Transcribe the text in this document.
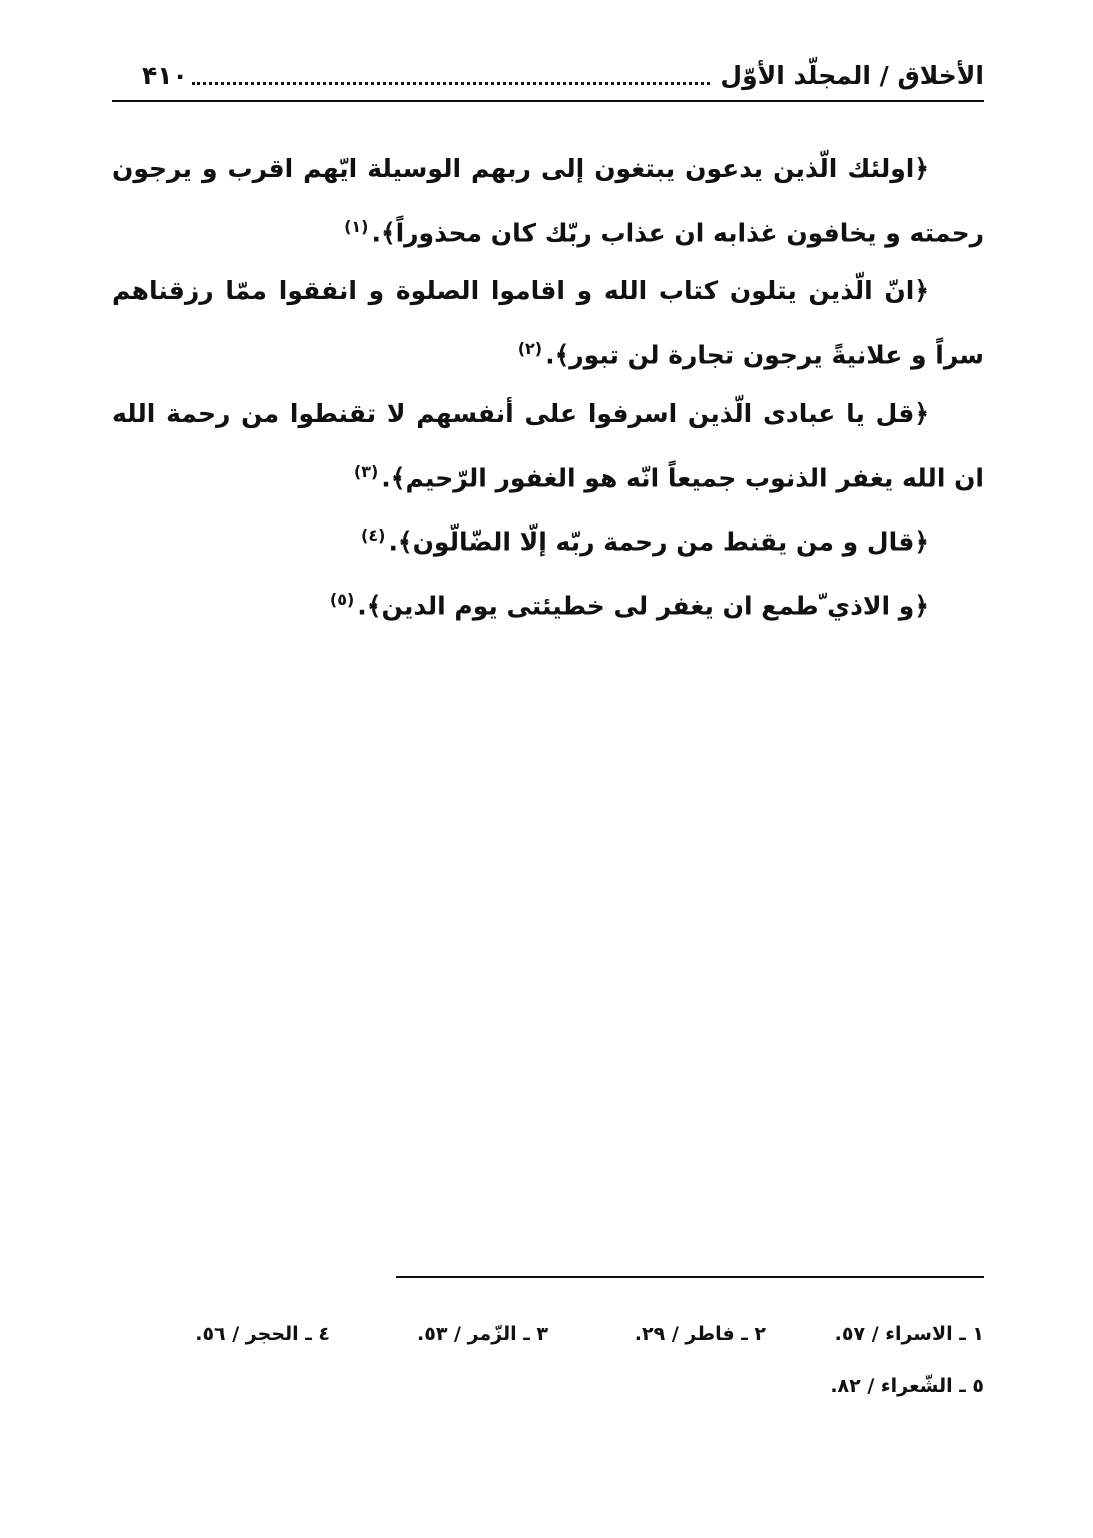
۴۱۰	الأخلاق / المجلّد الأوّل

﴿اولئك الّذين يدعون يبتغون إلى ربهم الوسيلة ايّهم اقرب و يرجون رحمته و يخافون غذابه ان عذاب ربّك كان محذوراً﴾.$^{(١)}$

﴿انّ الّذين يتلون كتاب الله و اقاموا الصلوة و انفقوا ممّا رزقناهم سراً و علانيةً يرجون تجارة لن تبور﴾.$^{(٢)}$

﴿قل يا عبادى الّذين اسرفوا على أنفسهم لا تقنطوا من رحمة الله ان الله يغفر الذنوب جميعاً انّه هو الغفور الرّحيم﴾.$^{(٣)}$

﴿قال و من يقنط من رحمة ربّه إلّا الضّالّون﴾.$^{(٤)}$

﴿و الاذي ّطمع ان يغفر لى خطيئتى يوم الدين﴾.$^{(٥)}$

١ ـ الاسراء / ٥٧.
٢ ـ فاطر / ٢٩.
٣ ـ الزّمر / ٥٣.
٤ ـ الحجر / ٥٦.
٥ ـ الشّعراء / ٨٢.
